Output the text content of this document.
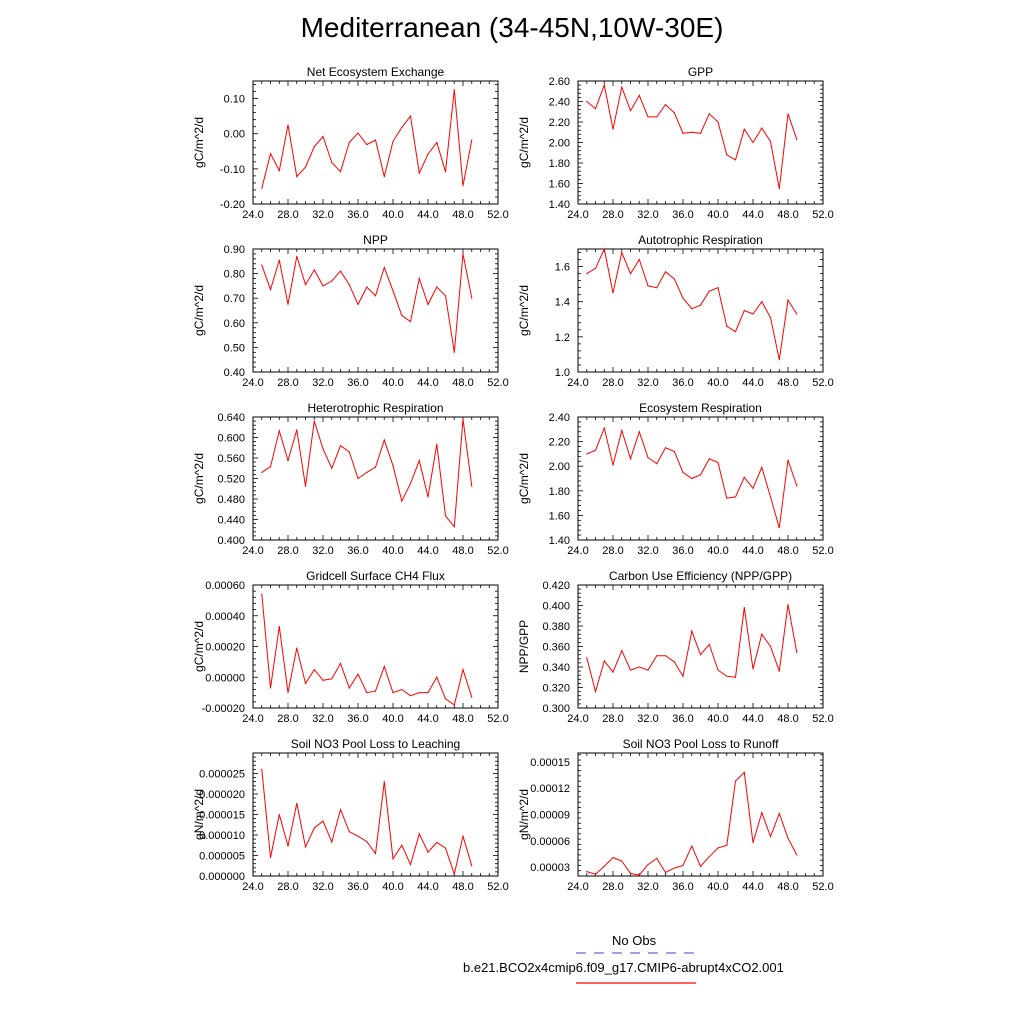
Mediterranean (34-45N,10W-30E)
Net Ecosystem Exchange
gC/m^2/d
24.0 28.0 32.0 36.0 40.0 44.0 48.0 52.0
-0.20
-0.10
0.00
0.10
GPP
gC/m^2/d
24.0 28.0 32.0 36.0 40.0 44.0 48.0 52.0
1.40
1.60
1.80
2.00
2.20
2.40
2.60
NPP
gC/m^2/d
24.0 28.0 32.0 36.0 40.0 44.0 48.0 52.0
0.40
0.50
0.60
0.70
0.80
0.90
Autotrophic Respiration
gC/m^2/d
24.0 28.0 32.0 36.0 40.0 44.0 48.0 52.0
1.0
1.2
1.4
1.6
Heterotrophic Respiration
gC/m^2/d
24.0 28.0 32.0 36.0 40.0 44.0 48.0 52.0
0.400
0.440
0.480
0.520
0.560
0.600
0.640
Ecosystem Respiration
gC/m^2/d
24.0 28.0 32.0 36.0 40.0 44.0 48.0 52.0
1.40
1.60
1.80
2.00
2.20
2.40
Gridcell Surface CH4 Flux
gC/m^2/d
24.0 28.0 32.0 36.0 40.0 44.0 48.0 52.0
-0.00020
0.00000
0.00020
0.00040
0.00060
Carbon Use Efficiency (NPP/GPP)
NPP/GPP
24.0 28.0 32.0 36.0 40.0 44.0 48.0 52.0
0.300
0.320
0.340
0.360
0.380
0.400
0.420
Soil NO3 Pool Loss to Leaching
gN/m^2/d
24.0 28.0 32.0 36.0 40.0 44.0 48.0 52.0
0.000000
0.000005
0.000010
0.000015
0.000020
0.000025
Soil NO3 Pool Loss to Runoff
gN/m^2/d
24.0 28.0 32.0 36.0 40.0 44.0 48.0 52.0
0.00003
0.00006
0.00009
0.00012
0.00015
No Obs
b.e21.BCO2x4cmip6.f09_g17.CMIP6-abrupt4xCO2.001
